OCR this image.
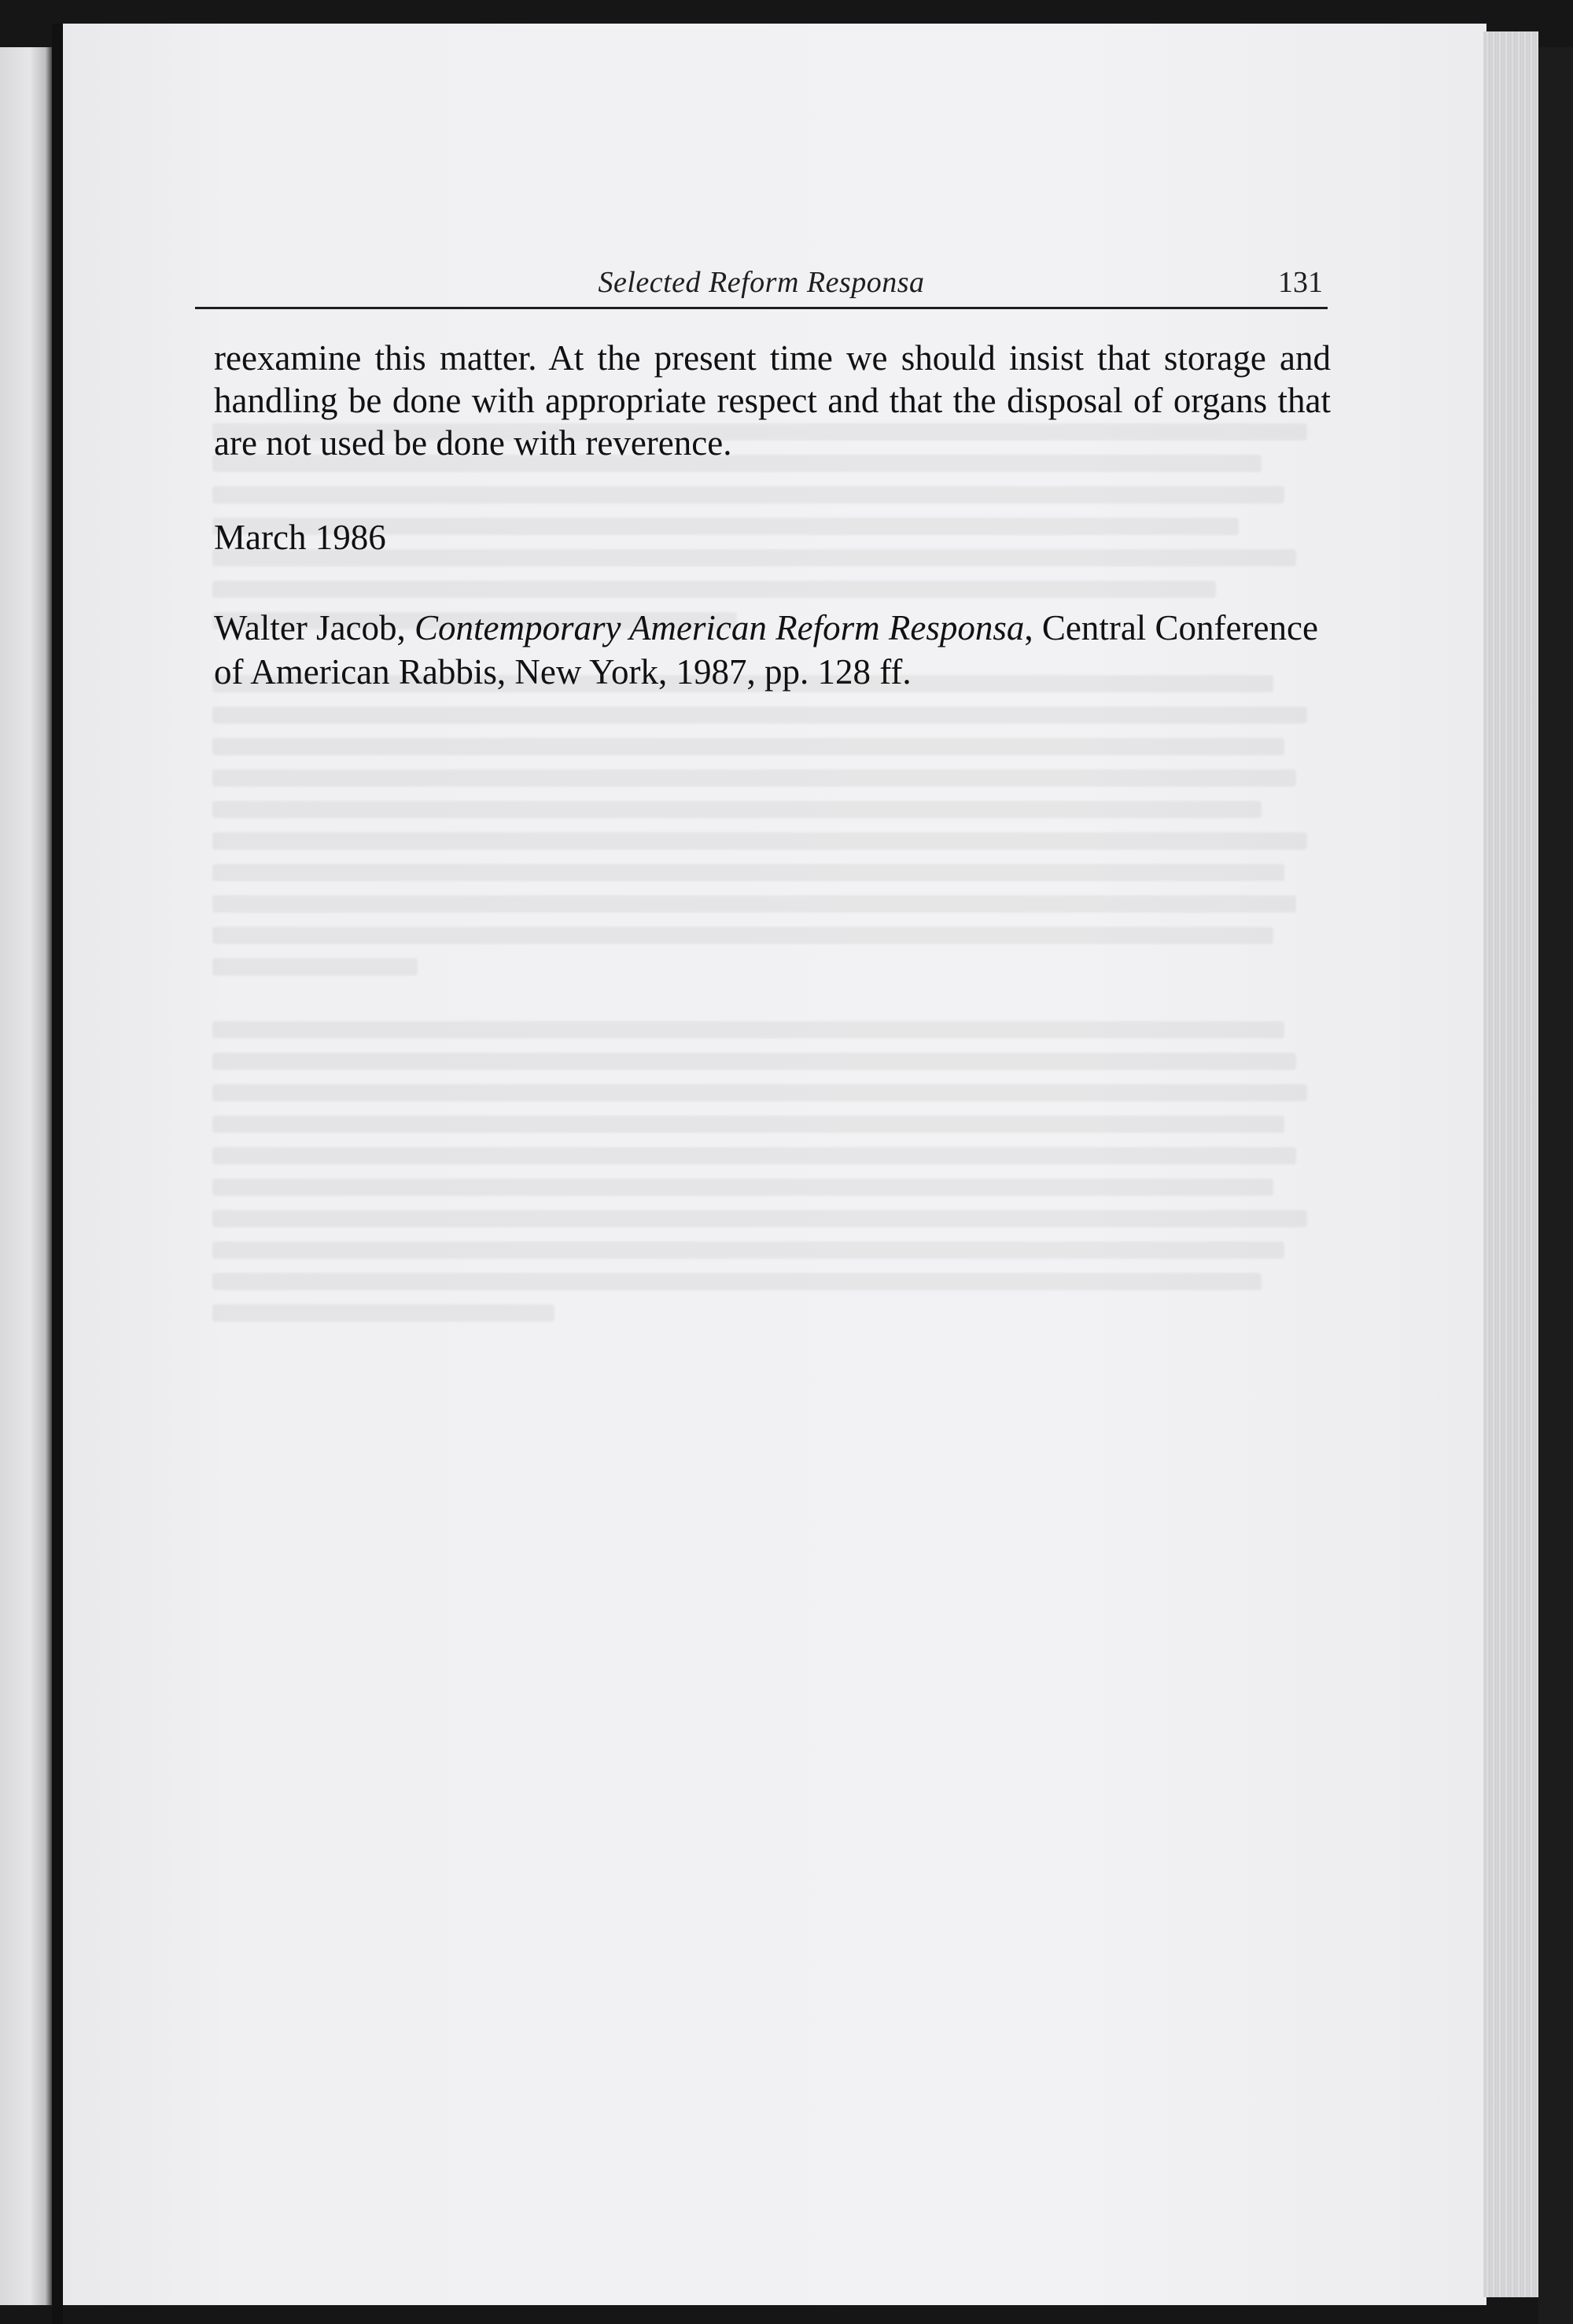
Selected Reform Responsa	131

reexamine this matter. At the present time we should insist that storage and handling be done with appropriate respect and that the disposal of organs that are not used be done with reverence.

March 1986

Walter Jacob, Contemporary American Reform Responsa, Central Conference of American Rabbis, New York, 1987, pp. 128 ff.
